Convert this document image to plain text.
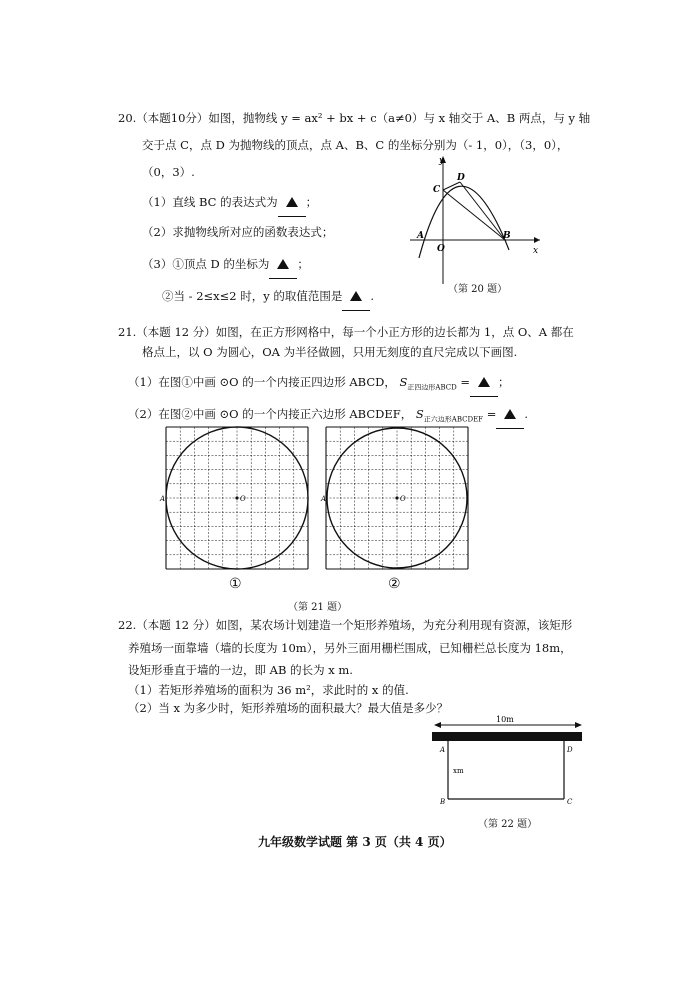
20.（本题10分）如图，抛物线 y = ax² + bx + c（a≠0）与 x 轴交于 A、B 两点，与 y 轴
交于点 C，点 D 为抛物线的顶点，点 A、B、C 的坐标分别为（- 1，0），（3，0），
（0，3）.
（1）直线 BC 的表达式为 ；
（2）求抛物线所对应的函数表达式；
（3）①顶点 D 的坐标为 ；
②当 - 2≤x≤2 时，y 的取值范围是 .
y
x
C
D
A
O
B
（第 20 题）
21.（本题 12 分）如图，在正方形网格中，每一个小正方形的边长都为 1，点 O、A 都在
格点上，以 O 为圆心，OA 为半径做圆，只用无刻度的直尺完成以下画图.
（1）在图①中画 ⊙O 的一个内接正四边形 ABCD， $S_{正四边形ABCD}$ = ；
（2）在图②中画 ⊙O 的一个内接正六边形 ABCDEF， $S_{正六边形ABCDEF}$ = .
A	O	A	O
①	②
（第 21 题）
22.（本题 12 分）如图，某农场计划建造一个矩形养殖场，为充分利用现有资源，该矩形
养殖场一面靠墙（墙的长度为 10m），另外三面用栅栏围成，已知栅栏总长度为 18m，
设矩形垂直于墙的一边，即 AB 的长为 x m.
（1）若矩形养殖场的面积为 36 m²，求此时的 x 的值.
（2）当 x 为多少时，矩形养殖场的面积最大？最大值是多少？
10m
A	D
B	C
xm
（第 22 题）
九年级数学试题 第 3 页（共 4 页）
